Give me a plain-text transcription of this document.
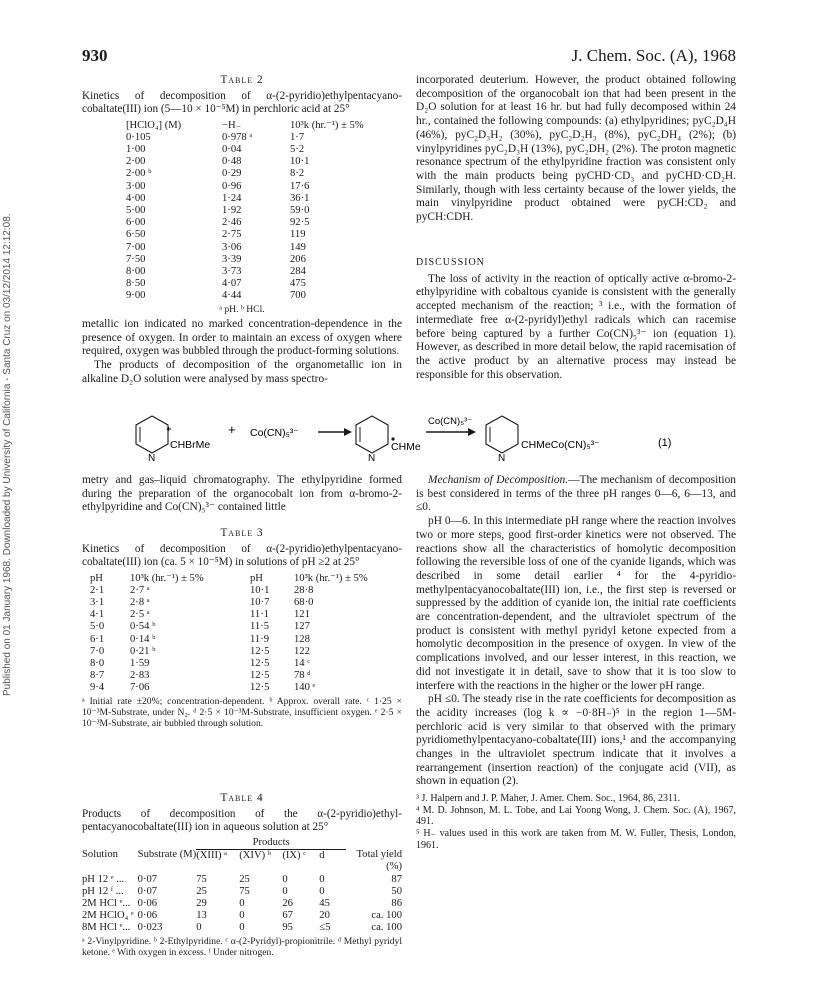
Published on 01 January 1968. Downloaded by University of California - Santa Cruz on 03/12/2014 12:12:08.
930	J. Chem. Soc. (A), 1968
Table 2
Kinetics of decomposition of α-(2-pyridio)ethylpentacyano-cobaltate(III) ion (5—10 × 10⁻⁵M) in perchloric acid at 25°
[HClO₄] (M)	−H₋	10³k (hr.⁻¹) ± 5%
0·105	0·978 ᵃ	1·7
1·00	0·04	5·2
2·00	0·48	10·1
2·00 ᵇ	0·29	8·2
3·00	0·96	17·6
4·00	1·24	36·1
5·00	1·92	59·0
6·00	2·46	92·5
6·50	2·75	119
7·00	3·06	149
7·50	3·39	206
8·00	3·73	284
8·50	4·07	475
9·00	4·44	700
ᵃ pH. ᵇ HCl.

metallic ion indicated no marked concentration-dependence in the presence of oxygen. In order to maintain an excess of oxygen where required, oxygen was bubbled through the product-forming solutions.

The products of decomposition of the organometallic ion in alkaline D₂O solution were analysed by mass spectro-

incorporated deuterium. However, the product obtained following decomposition of the organocobalt ion that had been present in the D₂O solution for at least 16 hr. but had fully decomposed within 24 hr., contained the following compounds: (a) ethylpyridines; pyC₂D₄H (46%), pyC₂D₃H₂ (30%), pyC₂D₂H₃ (8%), pyC₂DH₄ (2%); (b) vinylpyridines pyC₂D₃H (13%), pyC₂DH₂ (2%). The proton magnetic resonance spectrum of the ethylpyridine fraction was consistent only with the main products being pyCHD·CD₃ and pyCHD·CD₂H. Similarly, though with less certainty because of the lower yields, the main vinylpyridine product obtained were pyCH:CD₂ and pyCH:CDH.

DISCUSSION

The loss of activity in the reaction of optically active α-bromo-2-ethylpyridine with cobaltous cyanide is consistent with the generally accepted mechanism of the reaction; ³ i.e., with the formation of intermediate free α-(2-pyridyl)ethyl radicals which can racemise before being captured by a further Co(CN)₅³⁻ ion (equation 1). However, as described in more detail below, the rapid racemisation of the active product by an alternative process may instead be responsible for this observation.

*
N
CHBrMe
+ Co(CN)₅³⁻
N
CHMe
Co(CN)₅³⁻
N
CHMeCo(CN)₅³⁻	(1)

metry and gas–liquid chromatography. The ethylpyridine formed during the preparation of the organocobalt ion from α-bromo-2-ethylpyridine and Co(CN)₅³⁻ contained little

Table 3
Kinetics of decomposition of α-(2-pyridio)ethylpentacyano-cobaltate(III) ion (ca. 5 × 10⁻⁵M) in solutions of pH ≥2 at 25°
pH	10³k (hr.⁻¹) ± 5%	pH	10³k (hr.⁻¹) ± 5%
2·1	2·7 ᵃ	10·1	28·8
3·1	2·8 ᵃ	10·7	68·0
4·1	2·5 ᵃ	11·1	121
5·0	0·54 ᵇ	11·5	127
6·1	0·14 ᵇ	11·9	128
7·0	0·21 ᵇ	12·5	122
8·0	1·59	12·5	14 ᶜ
8·7	2·83	12·5	78 ᵈ
9·4	7·06	12·5	140 ᵉ
ᵃ Initial rate ±20%; concentration-dependent. ᵇ Approx. overall rate. ᶜ 1·25 × 10⁻³M-Substrate, under N₂. ᵈ 2·5 × 10⁻³M-Substrate, insufficient oxygen. ᵉ 2·5 × 10⁻³M-Substrate, air bubbled through solution.
Table 4
Products of decomposition of the α-(2-pyridio)ethyl-pentacyanocobaltate(III) ion in aqueous solution at 25°
		Products				
Solution	Substrate (M)	(XIII) ᵃ	(XIV) ᵇ	(IX) ᶜ	d	Total yield (%)
pH 12 ᵉ ...	0·07	75	25	0	0	87
pH 12 ᶠ ...	0·07	25	75	0	0	50
2M HCl ᵉ...	0·06	29	0	26	45	86
2M HClO₄ ᵉ	0·06	13	0	67	20	ca. 100
8M HCl ᵉ...	0·023	0	0	95	≤5	ca. 100
ᵃ 2-Vinylpyridine. ᵇ 2-Ethylpyridine. ᶜ α-(2-Pyridyl)-propionitrile. ᵈ Methyl pyridyl ketone. ᵉ With oxygen in excess. ᶠ Under nitrogen.

Mechanism of Decomposition.—The mechanism of decomposition is best considered in terms of the three pH ranges 0—6, 6—13, and ≤0.

pH 0—6. In this intermediate pH range where the reaction involves two or more steps, good first-order kinetics were not observed. The reactions show all the characteristics of homolytic decomposition following the reversible loss of one of the cyanide ligands, which was described in some detail earlier ⁴ for the 4-pyridio-methylpentacyanocobaltate(III) ion, i.e., the first step is reversed or suppressed by the addition of cyanide ion, the initial rate coefficients are concentration-dependent, and the ultraviolet spectrum of the product is consistent with methyl pyridyl ketone expected from a homolytic decomposition in the presence of oxygen. In view of the complications involved, and our lesser interest, in this reaction, we did not investigate it in detail, save to show that it is too slow to interfere with the reactions in the higher or the lower pH range.

pH ≤0. The steady rise in the rate coefficients for decomposition as the acidity increases (log k ∝ −0·8H₋)⁵ in the region 1—5M-perchloric acid is very similar to that observed with the primary pyridiomethylpentacyano-cobaltate(III) ions,¹ and the accompanying changes in the ultraviolet spectrum indicate that it involves a rearrangement (insertion reaction) of the conjugate acid (VII), as shown in equation (2).

³ J. Halpern and J. P. Maher, J. Amer. Chem. Soc., 1964, 86, 2311.

⁴ M. D. Johnson, M. L. Tobe, and Lai Yoong Wong, J. Chem. Soc. (A), 1967, 491.

⁵ H₋ values used in this work are taken from M. W. Fuller, Thesis, London, 1961.
